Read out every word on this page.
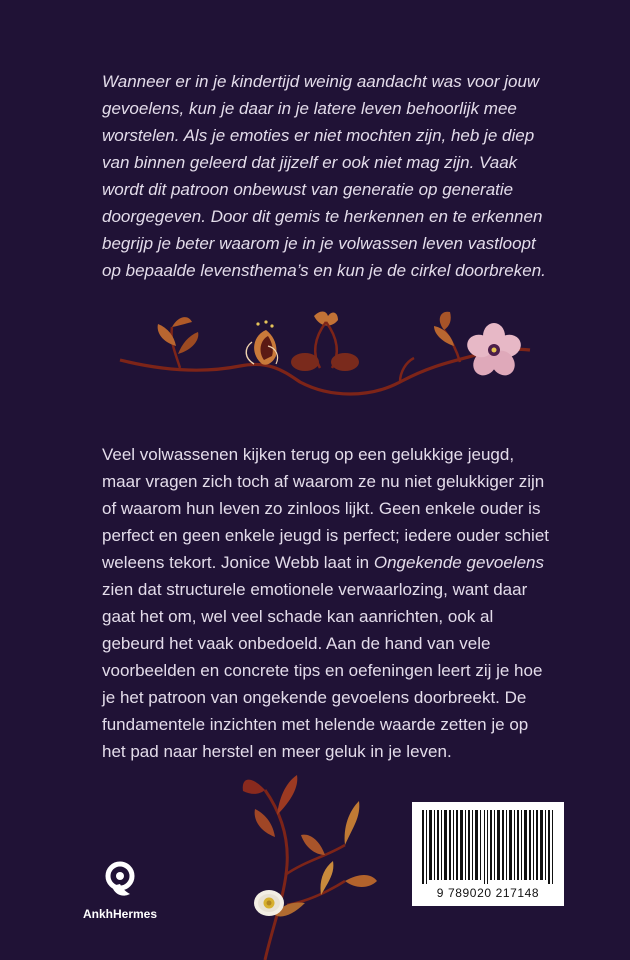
Wanneer er in je kindertijd weinig aandacht was voor jouw
gevoelens, kun je daar in je latere leven behoorlijk mee
worstelen. Als je emoties er niet mochten zijn, heb je diep
van binnen geleerd dat jijzelf er ook niet mag zijn. Vaak
wordt dit patroon onbewust van generatie op generatie
doorgegeven. Door dit gemis te herkennen en te erkennen
begrijp je beter waarom je in je volwassen leven vastloopt
op bepaalde levensthema’s en kun je de cirkel doorbreken.
Veel volwassenen kijken terug op een gelukkige jeugd,
maar vragen zich toch af waarom ze nu niet gelukkiger zijn
of waarom hun leven zo zinloos lijkt. Geen enkele ouder is
perfect en geen enkele jeugd is perfect; iedere ouder schiet
weleens tekort. Jonice Webb laat in Ongekende gevoelens
zien dat structurele emotionele verwaarlozing, want daar
gaat het om, wel veel schade kan aanrichten, ook al
gebeurd het vaak onbedoeld. Aan de hand van vele
voorbeelden en concrete tips en oefeningen leert zij je hoe
je het patroon van ongekende gevoelens doorbreekt. De
fundamentele inzichten met helende waarde zetten je op
het pad naar herstel en meer geluk in je leven.
AnkhHermes
9 789020 217148
